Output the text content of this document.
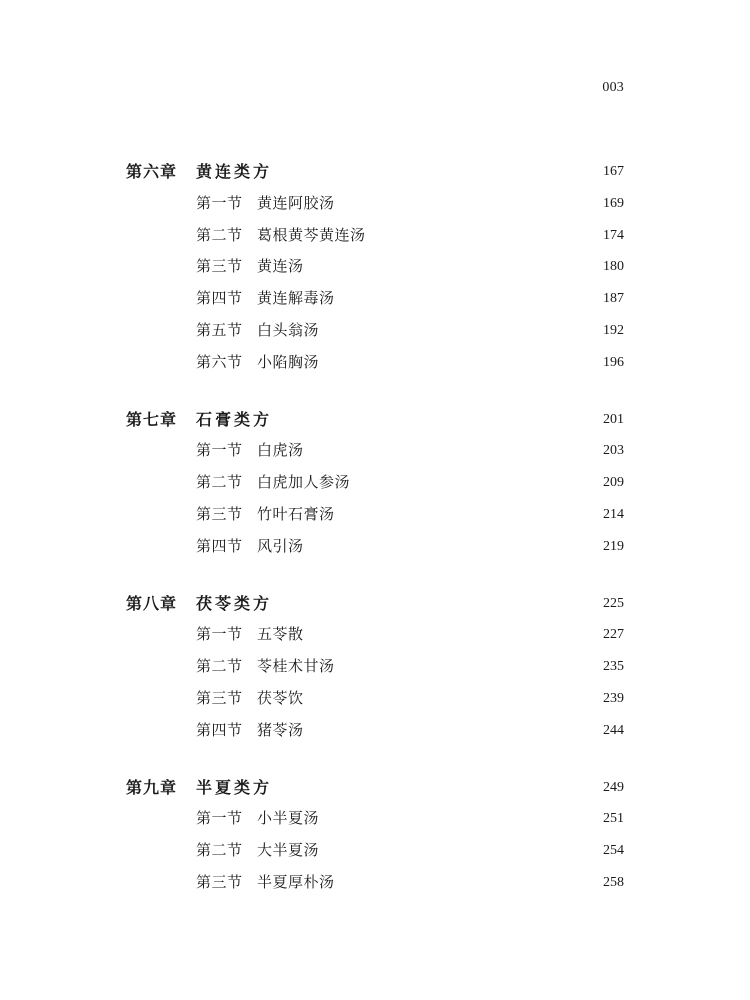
003
第六章 黄连类方	167
第一节 黄连阿胶汤	169
第二节 葛根黄芩黄连汤	174
第三节 黄连汤	180
第四节 黄连解毒汤	187
第五节 白头翁汤	192
第六节 小陷胸汤	196
第七章 石膏类方	201
第一节 白虎汤	203
第二节 白虎加人参汤	209
第三节 竹叶石膏汤	214
第四节 风引汤	219
第八章 茯苓类方	225
第一节 五苓散	227
第二节 苓桂术甘汤	235
第三节 茯苓饮	239
第四节 猪苓汤	244
第九章 半夏类方	249
第一节 小半夏汤	251
第二节 大半夏汤	254
第三节 半夏厚朴汤	258
